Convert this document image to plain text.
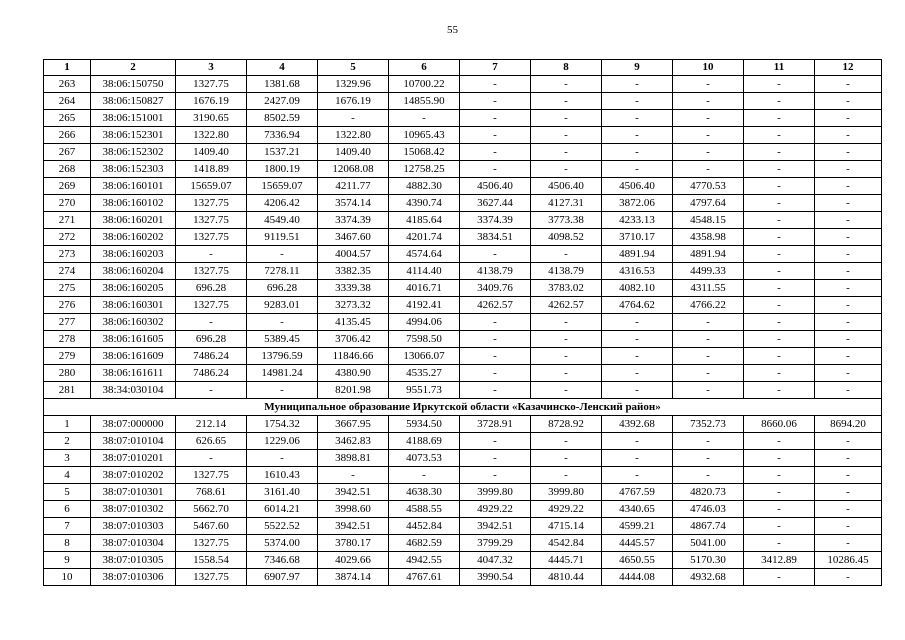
55
1	2	3	4	5	6	7	8	9	10	11	12
263	38:06:150750	1327.75	1381.68	1329.96	10700.22	-	-	-	-	-	-
264	38:06:150827	1676.19	2427.09	1676.19	14855.90	-	-	-	-	-	-
265	38:06:151001	3190.65	8502.59	-	-	-	-	-	-	-	-
266	38:06:152301	1322.80	7336.94	1322.80	10965.43	-	-	-	-	-	-
267	38:06:152302	1409.40	1537.21	1409.40	15068.42	-	-	-	-	-	-
268	38:06:152303	1418.89	1800.19	12068.08	12758.25	-	-	-	-	-	-
269	38:06:160101	15659.07	15659.07	4211.77	4882.30	4506.40	4506.40	4506.40	4770.53	-	-
270	38:06:160102	1327.75	4206.42	3574.14	4390.74	3627.44	4127.31	3872.06	4797.64	-	-
271	38:06:160201	1327.75	4549.40	3374.39	4185.64	3374.39	3773.38	4233.13	4548.15	-	-
272	38:06:160202	1327.75	9119.51	3467.60	4201.74	3834.51	4098.52	3710.17	4358.98	-	-
273	38:06:160203	-	-	4004.57	4574.64	-	-	4891.94	4891.94	-	-
274	38:06:160204	1327.75	7278.11	3382.35	4114.40	4138.79	4138.79	4316.53	4499.33	-	-
275	38:06:160205	696.28	696.28	3339.38	4016.71	3409.76	3783.02	4082.10	4311.55	-	-
276	38:06:160301	1327.75	9283.01	3273.32	4192.41	4262.57	4262.57	4764.62	4766.22	-	-
277	38:06:160302	-	-	4135.45	4994.06	-	-	-	-	-	-
278	38:06:161605	696.28	5389.45	3706.42	7598.50	-	-	-	-	-	-
279	38:06:161609	7486.24	13796.59	11846.66	13066.07	-	-	-	-	-	-
280	38:06:161611	7486.24	14981.24	4380.90	4535.27	-	-	-	-	-	-
281	38:34:030104	-	-	8201.98	9551.73	-	-	-	-	-	-
Муниципальное образование Иркутской области «Казачинско-Ленский район»											
1	38:07:000000	212.14	1754.32	3667.95	5934.50	3728.91	8728.92	4392.68	7352.73	8660.06	8694.20
2	38:07:010104	626.65	1229.06	3462.83	4188.69	-	-	-	-	-	-
3	38:07:010201	-	-	3898.81	4073.53	-	-	-	-	-	-
4	38:07:010202	1327.75	1610.43	-	-	-	-	-	-	-	-
5	38:07:010301	768.61	3161.40	3942.51	4638.30	3999.80	3999.80	4767.59	4820.73	-	-
6	38:07:010302	5662.70	6014.21	3998.60	4588.55	4929.22	4929.22	4340.65	4746.03	-	-
7	38:07:010303	5467.60	5522.52	3942.51	4452.84	3942.51	4715.14	4599.21	4867.74	-	-
8	38:07:010304	1327.75	5374.00	3780.17	4682.59	3799.29	4542.84	4445.57	5041.00	-	-
9	38:07:010305	1558.54	7346.68	4029.66	4942.55	4047.32	4445.71	4650.55	5170.30	3412.89	10286.45
10	38:07:010306	1327.75	6907.97	3874.14	4767.61	3990.54	4810.44	4444.08	4932.68	-	-
